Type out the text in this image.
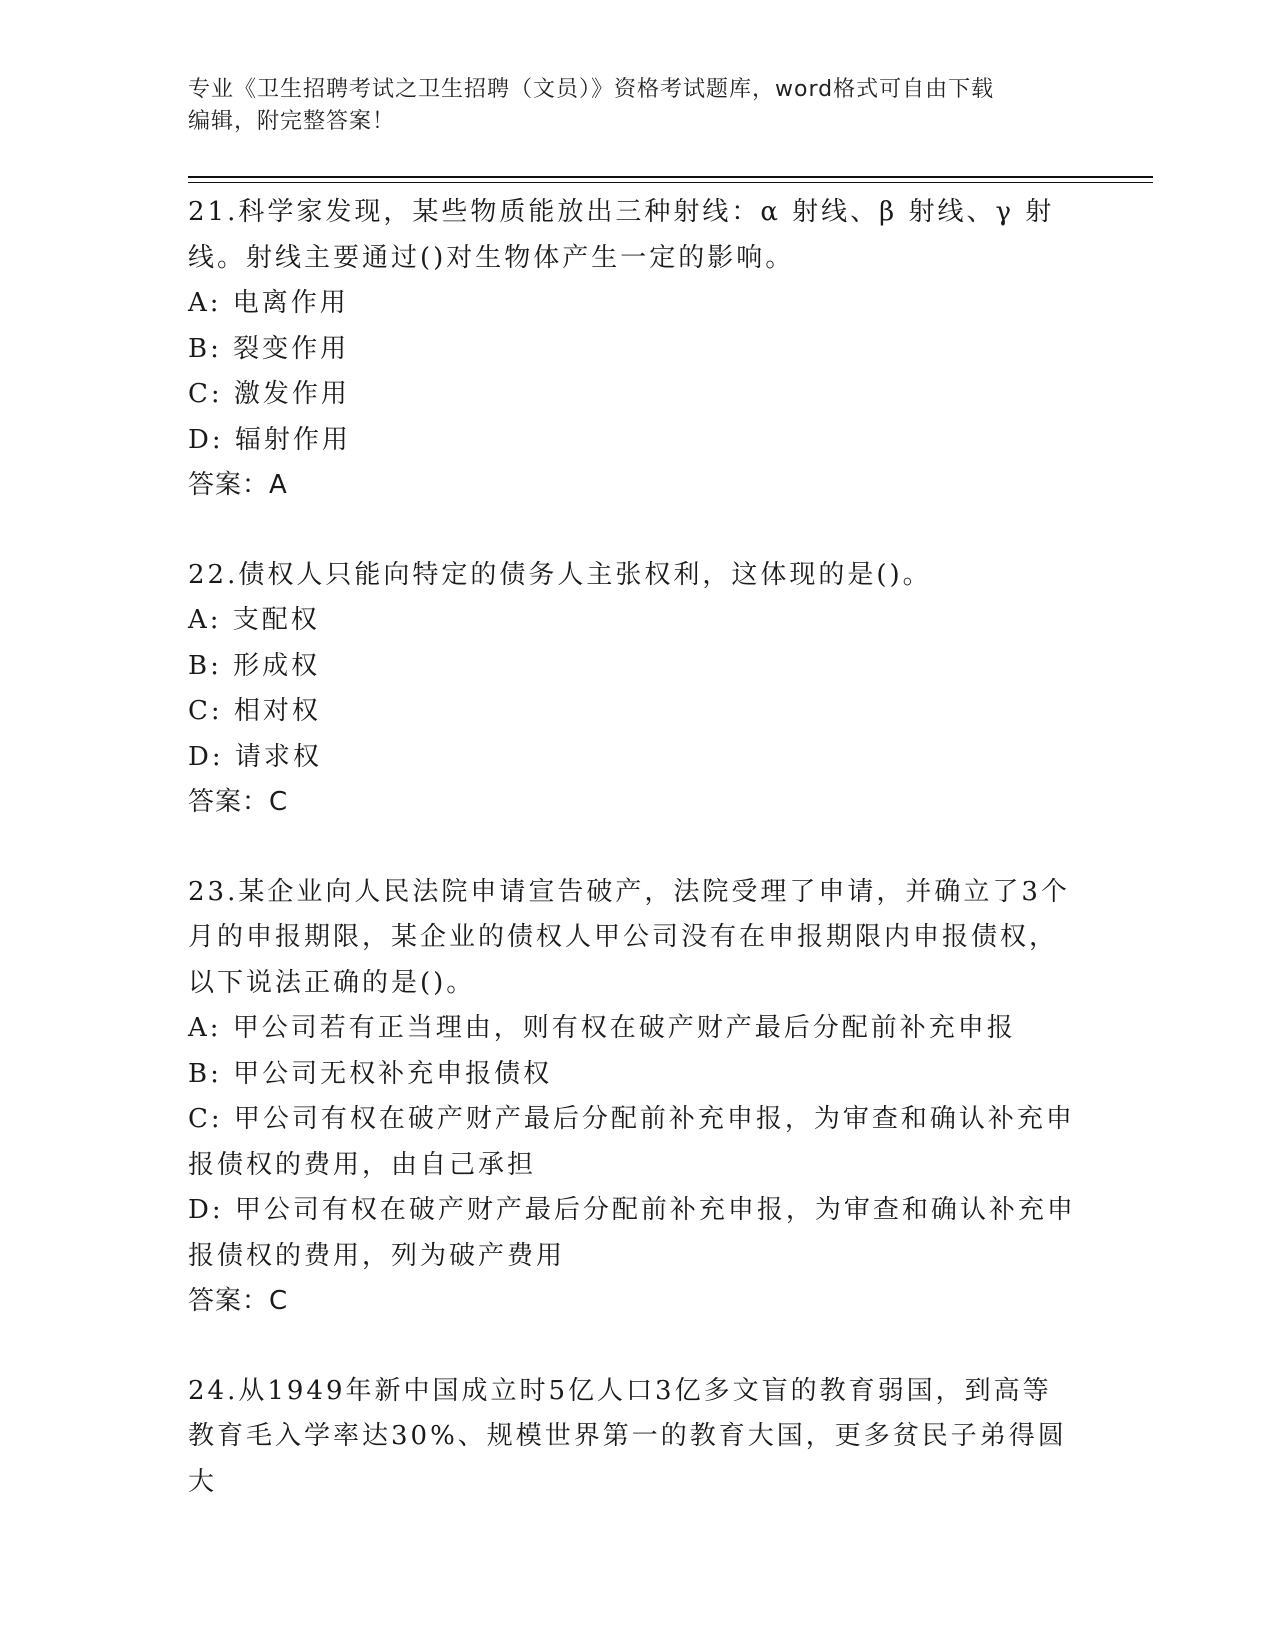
专业《卫生招聘考试之卫生招聘（文员）》资格考试题库，word格式可自由下载
编辑，附完整答案！
21.科学家发现，某些物质能放出三种射线：α 射线、β 射线、γ 射
线。射线主要通过()对生物体产生一定的影响。
A: 电离作用
B: 裂变作用
C: 激发作用
D: 辐射作用
答案：A
22.债权人只能向特定的债务人主张权利，这体现的是()。
A: 支配权
B: 形成权
C: 相对权
D: 请求权
答案：C
23.某企业向人民法院申请宣告破产，法院受理了申请，并确立了3个
月的申报期限，某企业的债权人甲公司没有在申报期限内申报债权，
以下说法正确的是()。
A: 甲公司若有正当理由，则有权在破产财产最后分配前补充申报
B: 甲公司无权补充申报债权
C: 甲公司有权在破产财产最后分配前补充申报，为审查和确认补充申
报债权的费用，由自己承担
D: 甲公司有权在破产财产最后分配前补充申报，为审查和确认补充申
报债权的费用，列为破产费用
答案：C
24.从1949年新中国成立时5亿人口3亿多文盲的教育弱国，到高等
教育毛入学率达30%、规模世界第一的教育大国，更多贫民子弟得圆大
